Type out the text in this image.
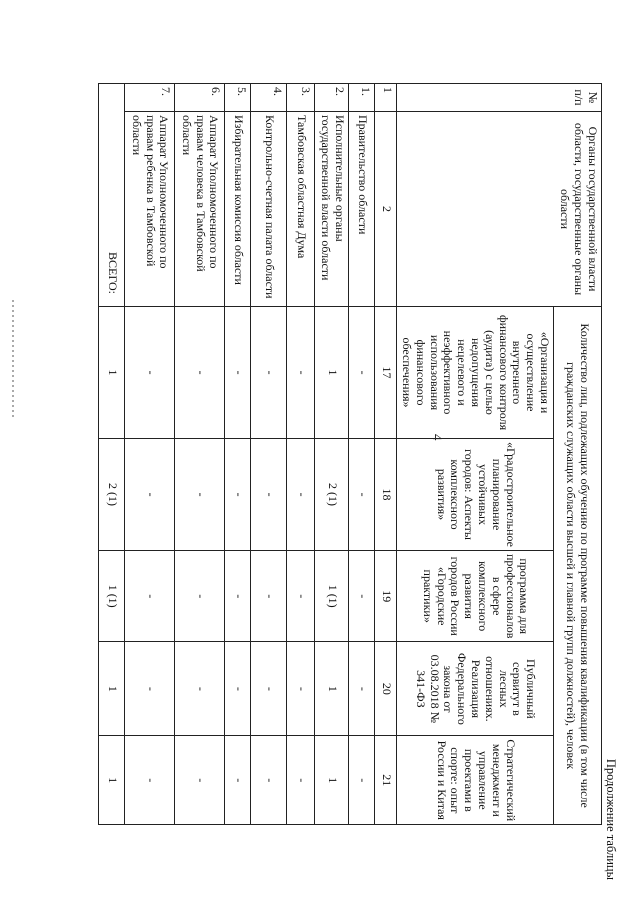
4
Продолжение таблицы
№ п/п	Органы государственной власти области, государственные органы области	Количество лиц, подлежащих обучению по программе повышения квалификации (в том числе гражданских служащих области высшей и главной групп должностей), человек				
		«Организация и осуществление внутреннего финансового контроля (аудита) с целью недопущения нецелевого и неэффективного использования финансового обеспечения»	«Градостроительное планирование устойчивых городов: Аспекты комплексного развития»	программа для профессионалов в сфере комплексного развития городов России «Городские практики»	Публичный сервитут в лесных отношениях. Реализация Федерального закона от 03.08.2018 № 341-ФЗ	Стратегический менеджмент и управление проектами в спорте: опыт России и Китая
1	2	17	18	19	20	21
1.	Правительство области	-	-	-	-	-
2.	Исполнительные органы государственной власти области	1	2 (1)	1 (1)	1	1
3.	Тамбовская областная Дума	-	-	-	-	-
4.	Контрольно-счетная палата области	-	-	-	-	-
5.	Избирательная комиссия области	-	-	-	-	-
6.	Аппарат Уполномоченного по правам человека в Тамбовской области	-	-	-	-	-
7.	Аппарат Уполномоченного по правам ребенка в Тамбовской области	-	-	-	-	-
ВСЕГО:		1	2 (1)	1 (1)	1	1
